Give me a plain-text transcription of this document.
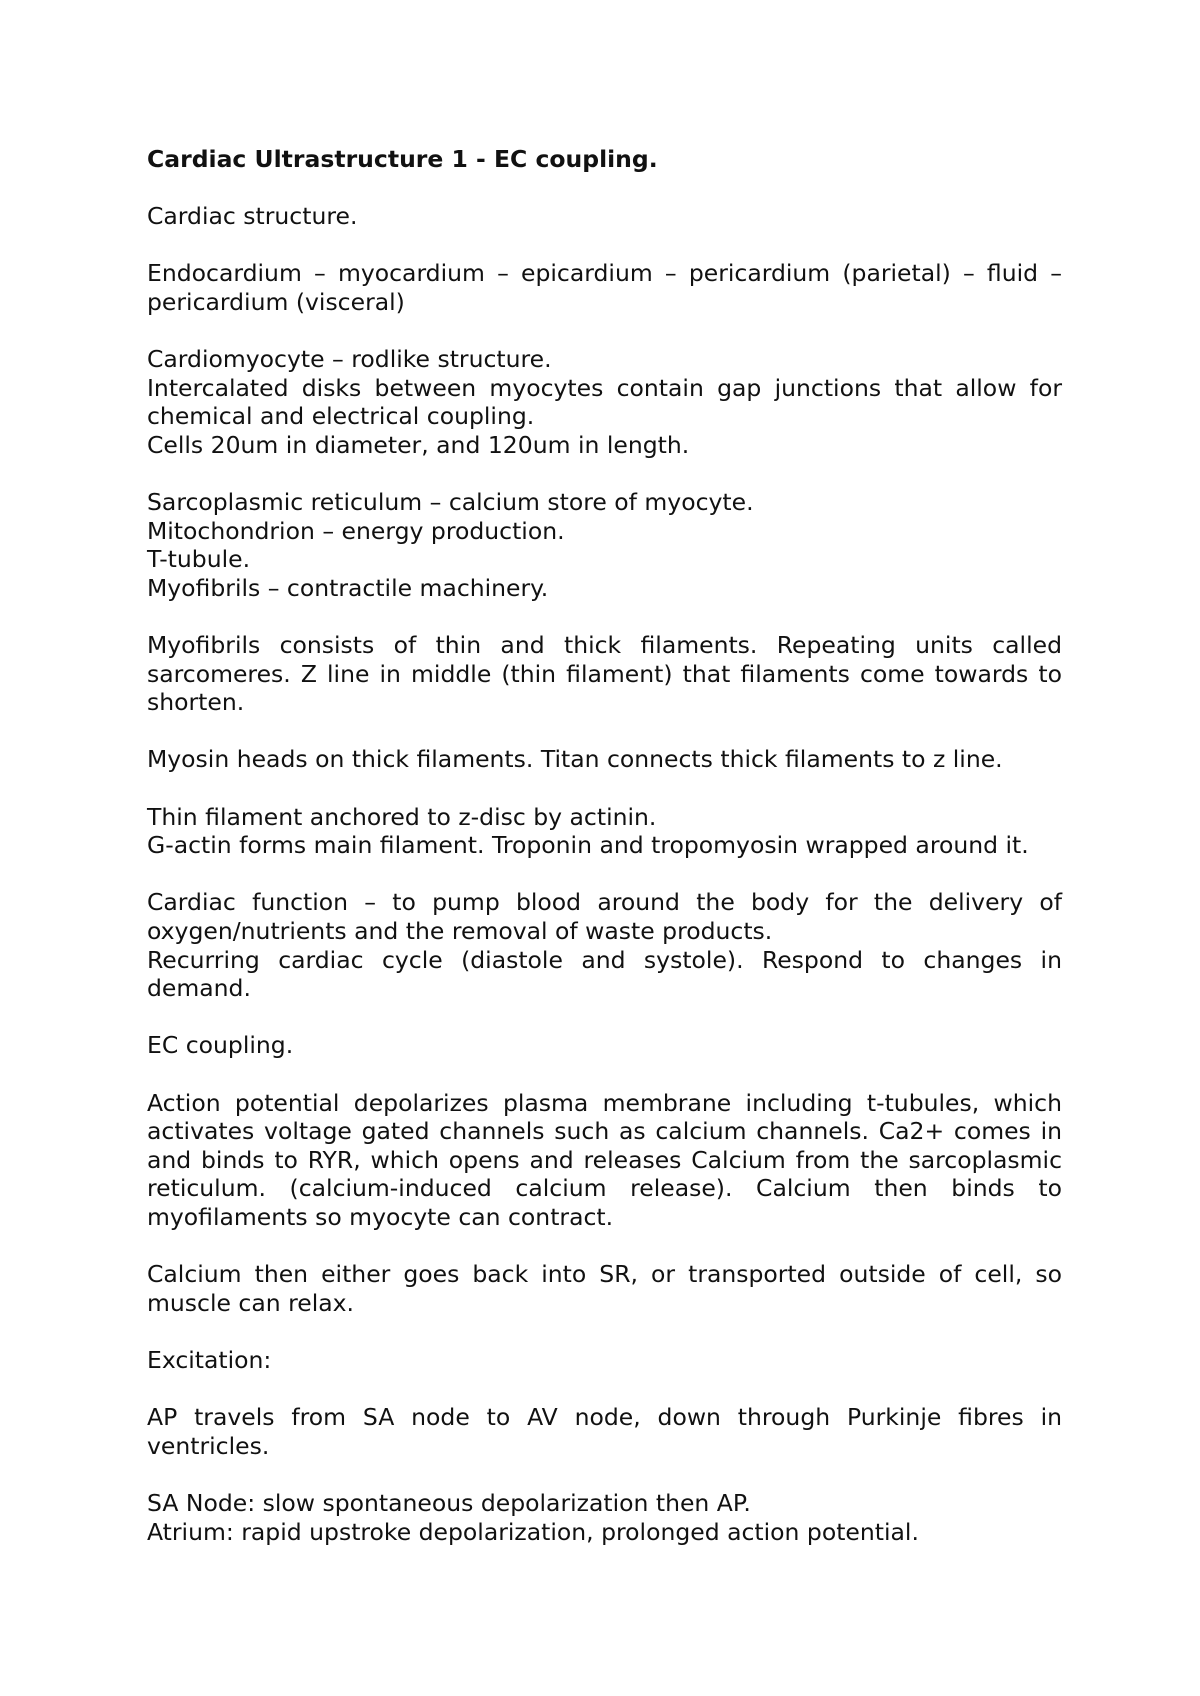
Cardiac Ultrastructure 1 - EC coupling.

Cardiac structure.

Endocardium – myocardium – epicardium – pericardium (parietal) – fluid – pericardium (visceral)

Cardiomyocyte – rodlike structure.
Intercalated disks between myocytes contain gap junctions that allow for chemical and electrical coupling.
Cells 20um in diameter, and 120um in length.

Sarcoplasmic reticulum – calcium store of myocyte.
Mitochondrion – energy production.
T-tubule.
Myofibrils – contractile machinery.

Myofibrils consists of thin and thick filaments. Repeating units called sarcomeres. Z line in middle (thin filament) that filaments come towards to shorten.

Myosin heads on thick filaments. Titan connects thick filaments to z line.

Thin filament anchored to z-disc by actinin.
G-actin forms main filament. Troponin and tropomyosin wrapped around it.

Cardiac function – to pump blood around the body for the delivery of oxygen/nutrients and the removal of waste products.
Recurring cardiac cycle (diastole and systole). Respond to changes in demand.

EC coupling.

Action potential depolarizes plasma membrane including t-tubules, which activates voltage gated channels such as calcium channels. Ca2+ comes in and binds to RYR, which opens and releases Calcium from the sarcoplasmic reticulum. (calcium-induced calcium release). Calcium then binds to myofilaments so myocyte can contract.

Calcium then either goes back into SR, or transported outside of cell, so muscle can relax.

Excitation:

AP travels from SA node to AV node, down through Purkinje fibres in ventricles.

SA Node: slow spontaneous depolarization then AP.
Atrium: rapid upstroke depolarization, prolonged action potential.
